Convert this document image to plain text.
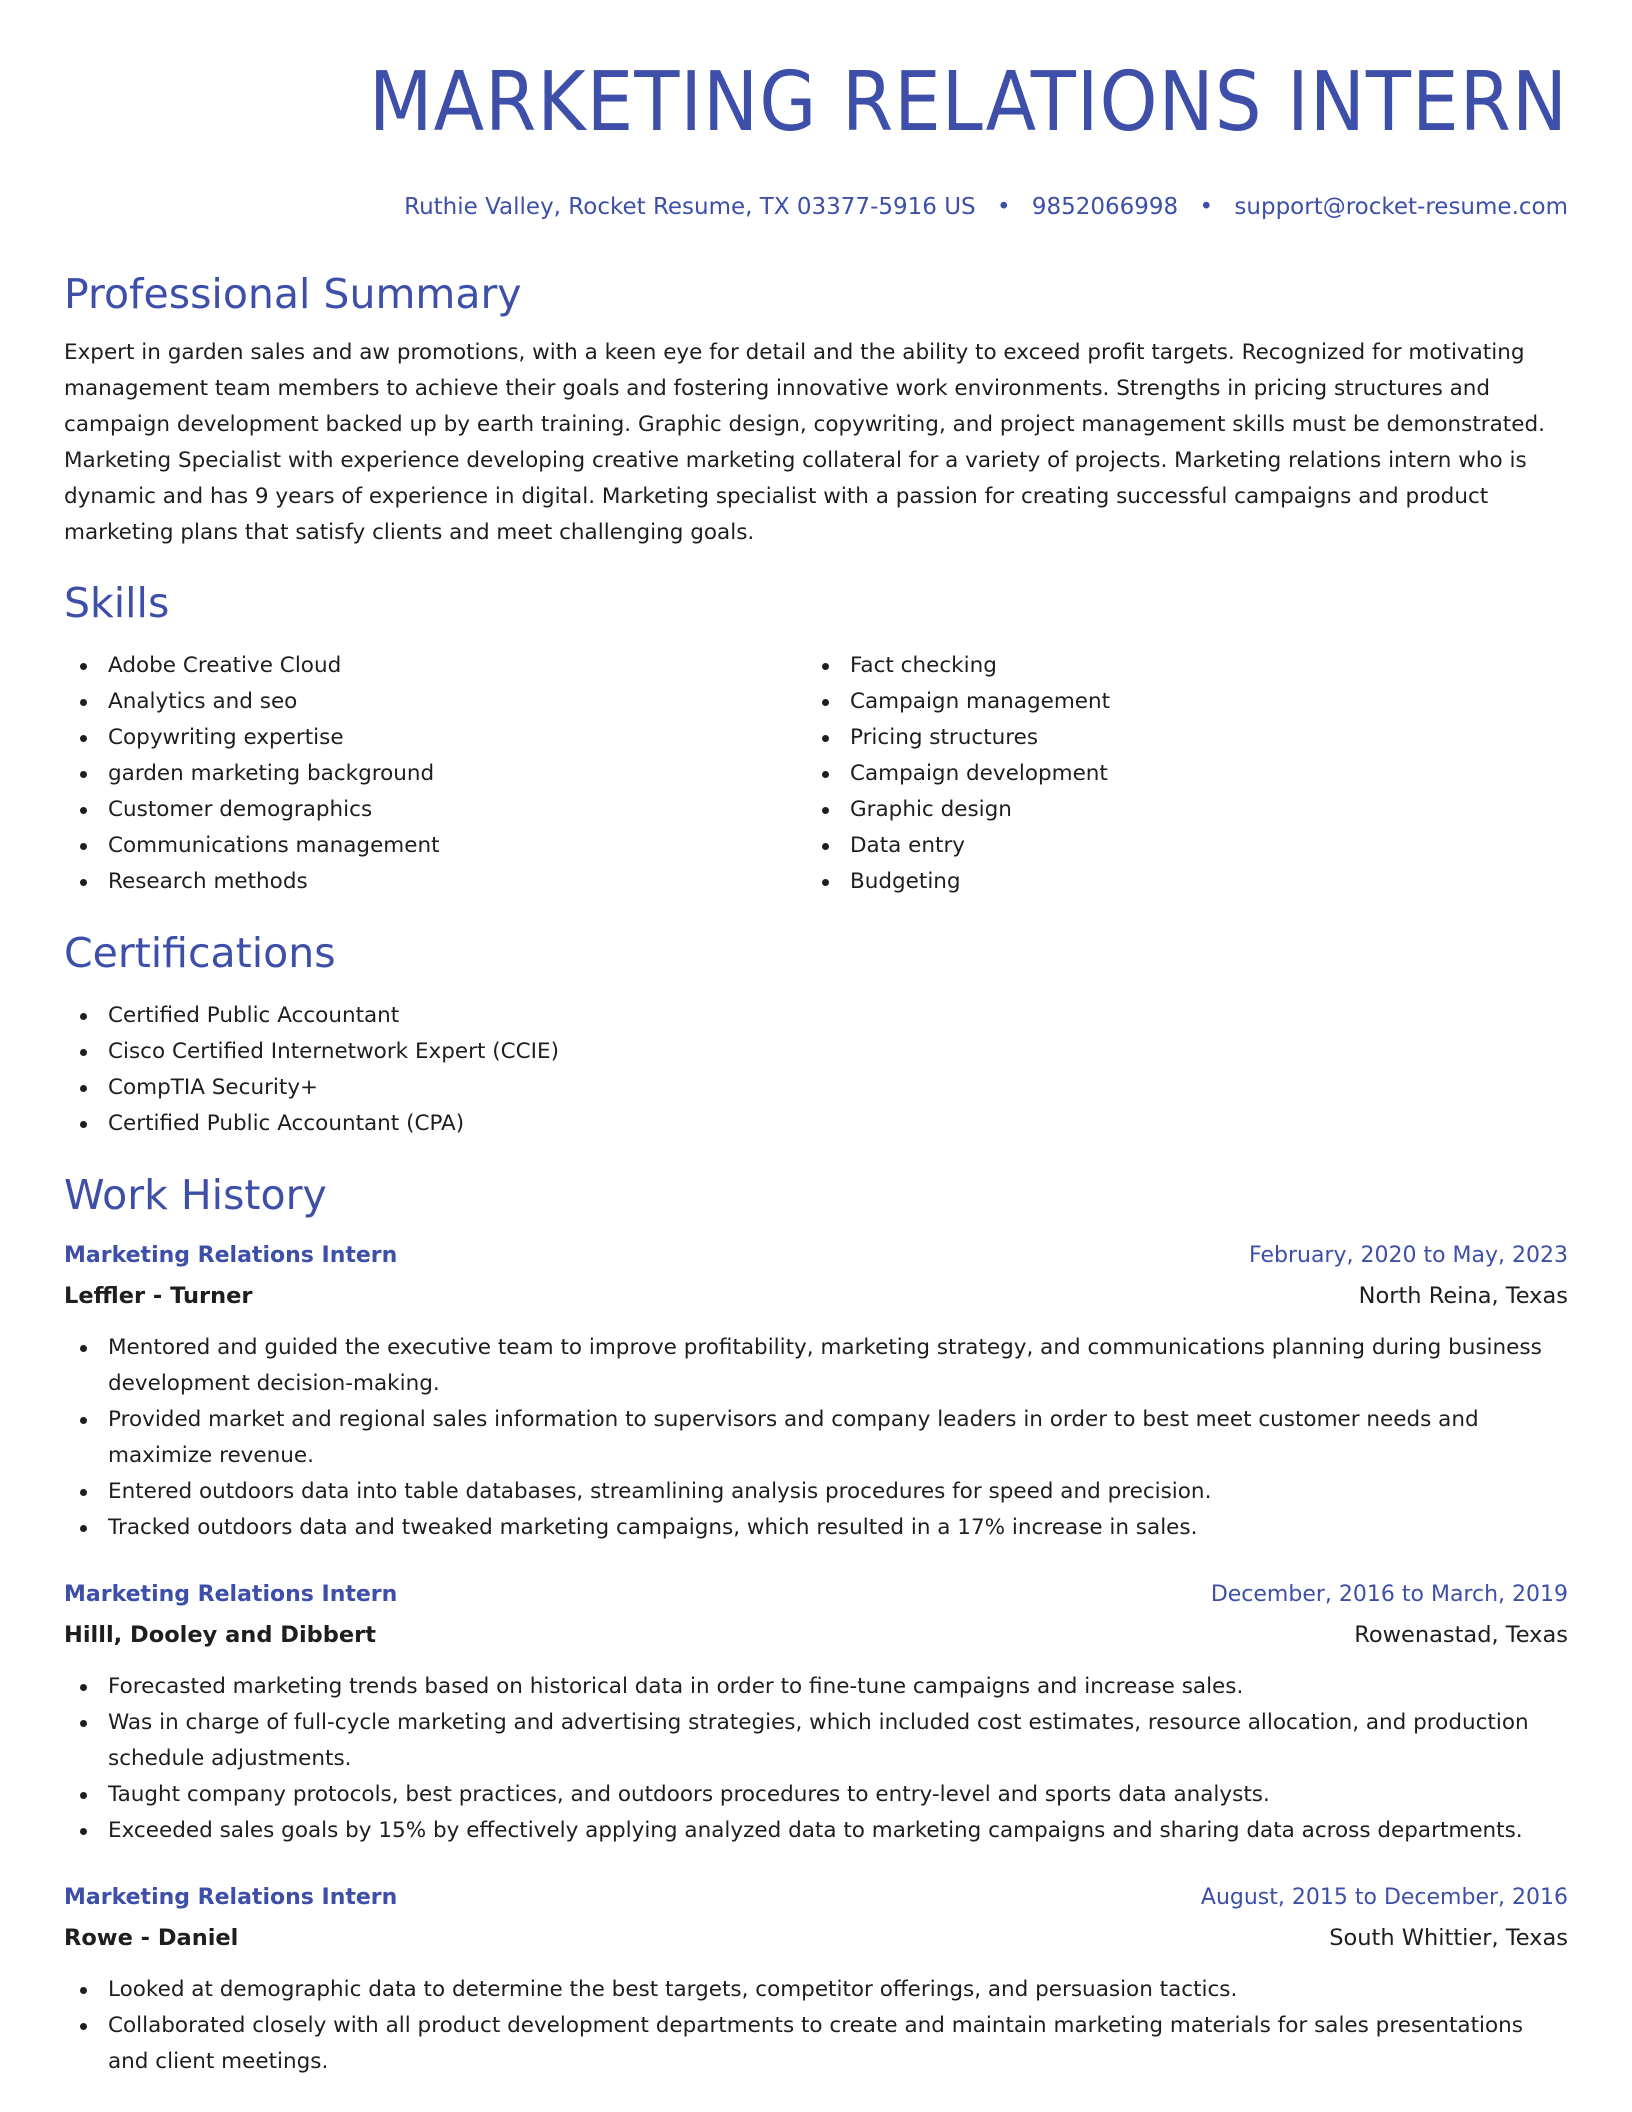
MARKETING RELATIONS INTERN
Ruthie Valley, Rocket Resume, TX 03377-5916 US • 9852066998 • support@rocket-resume.com
Professional Summary

Expert in garden sales and aw promotions, with a keen eye for detail and the ability to exceed profit targets. Recognized for motivating management team members to achieve their goals and fostering innovative work environments. Strengths in pricing structures and campaign development backed up by earth training. Graphic design, copywriting, and project management skills must be demonstrated. Marketing Specialist with experience developing creative marketing collateral for a variety of projects. Marketing relations intern who is dynamic and has 9 years of experience in digital. Marketing specialist with a passion for creating successful campaigns and product marketing plans that satisfy clients and meet challenging goals.

Skills
Adobe Creative Cloud
Analytics and seo
Copywriting expertise
garden marketing background
Customer demographics
Communications management
Research methods
Fact checking
Campaign management
Pricing structures
Campaign development
Graphic design
Data entry
Budgeting
Certifications
Certified Public Accountant
Cisco Certified Internetwork Expert (CCIE)
CompTIA Security+
Certified Public Accountant (CPA)
Work History
Marketing Relations Intern	February, 2020 to May, 2023
Leffler - Turner	North Reina, Texas
Mentored and guided the executive team to improve profitability, marketing strategy, and communications planning during business development decision-making.
Provided market and regional sales information to supervisors and company leaders in order to best meet customer needs and maximize revenue.
Entered outdoors data into table databases, streamlining analysis procedures for speed and precision.
Tracked outdoors data and tweaked marketing campaigns, which resulted in a 17% increase in sales.
Marketing Relations Intern	December, 2016 to March, 2019
Hilll, Dooley and Dibbert	Rowenastad, Texas
Forecasted marketing trends based on historical data in order to fine-tune campaigns and increase sales.
Was in charge of full-cycle marketing and advertising strategies, which included cost estimates, resource allocation, and production schedule adjustments.
Taught company protocols, best practices, and outdoors procedures to entry-level and sports data analysts.
Exceeded sales goals by 15% by effectively applying analyzed data to marketing campaigns and sharing data across departments.
Marketing Relations Intern	August, 2015 to December, 2016
Rowe - Daniel	South Whittier, Texas
Looked at demographic data to determine the best targets, competitor offerings, and persuasion tactics.
Collaborated closely with all product development departments to create and maintain marketing materials for sales presentations and client meetings.
